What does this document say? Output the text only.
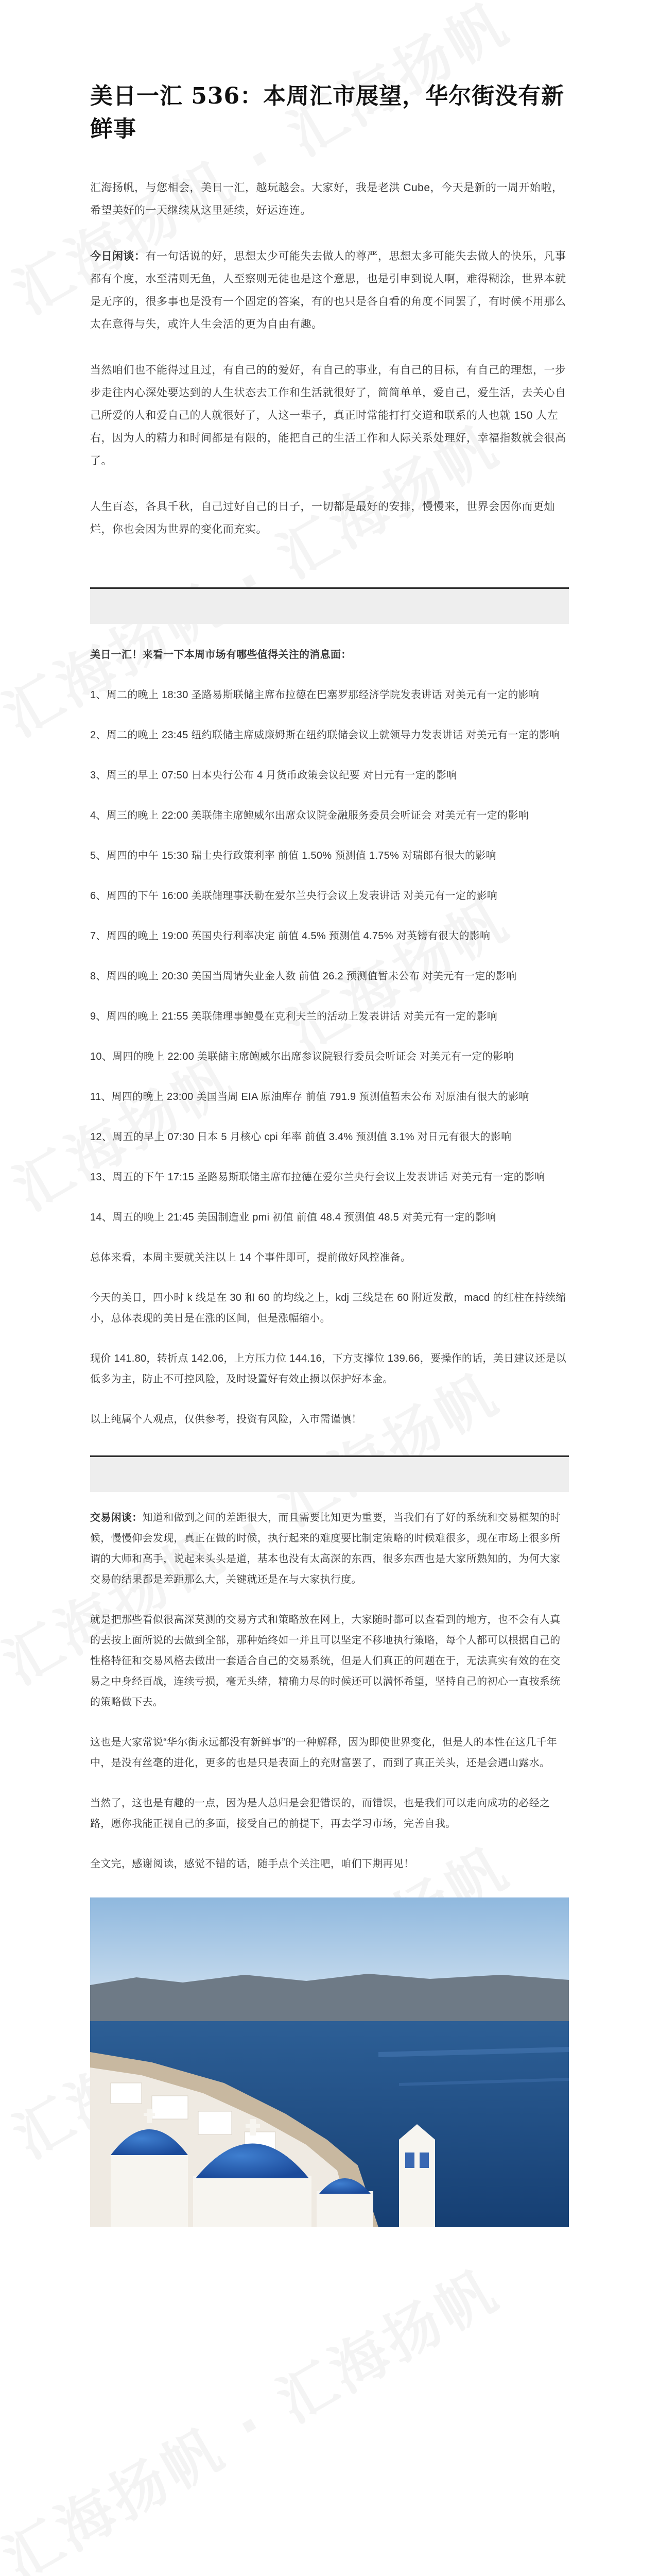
美日一汇 536：本周汇市展望，华尔街没有新鲜事

汇海扬帆，与您相会，美日一汇，越玩越会。大家好，我是老洪 Cube，今天是新的一周开始啦，希望美好的一天继续从这里延续，好运连连。

今日闲谈：有一句话说的好，思想太少可能失去做人的尊严，思想太多可能失去做人的快乐，凡事都有个度，水至清则无鱼，人至察则无徒也是这个意思，也是引申到说人啊，难得糊涂，世界本就是无序的，很多事也是没有一个固定的答案，有的也只是各自看的角度不同罢了，有时候不用那么太在意得与失，或许人生会活的更为自由有趣。

当然咱们也不能得过且过，有自己的的爱好，有自己的事业，有自己的目标，有自己的理想，一步步走往内心深处要达到的人生状态去工作和生活就很好了，简简单单，爱自己，爱生活，去关心自己所爱的人和爱自己的人就很好了，人这一辈子，真正时常能打打交道和联系的人也就 150 人左右，因为人的精力和时间都是有限的，能把自己的生活工作和人际关系处理好，幸福指数就会很高了。

人生百态，各具千秋，自己过好自己的日子，一切都是最好的安排，慢慢来，世界会因你而更灿烂，你也会因为世界的变化而充实。

美日一汇！来看一下本周市场有哪些值得关注的消息面：

1、周二的晚上 18:30 圣路易斯联储主席布拉德在巴塞罗那经济学院发表讲话 对美元有一定的影响

2、周二的晚上 23:45 纽约联储主席威廉姆斯在纽约联储会议上就领导力发表讲话 对美元有一定的影响

3、周三的早上 07:50 日本央行公布 4 月货币政策会议纪要 对日元有一定的影响

4、周三的晚上 22:00 美联储主席鲍威尔出席众议院金融服务委员会听证会 对美元有一定的影响

5、周四的中午 15:30 瑞士央行政策利率 前值 1.50% 预测值 1.75% 对瑞郎有很大的影响

6、周四的下午 16:00 美联储理事沃勒在爱尔兰央行会议上发表讲话 对美元有一定的影响

7、周四的晚上 19:00 英国央行利率决定 前值 4.5% 预测值 4.75% 对英镑有很大的影响

8、周四的晚上 20:30 美国当周请失业金人数 前值 26.2 预测值暂未公布 对美元有一定的影响

9、周四的晚上 21:55 美联储理事鲍曼在克利夫兰的活动上发表讲话 对美元有一定的影响

10、周四的晚上 22:00 美联储主席鲍威尔出席参议院银行委员会听证会 对美元有一定的影响

11、周四的晚上 23:00 美国当周 EIA 原油库存 前值 791.9 预测值暂未公布 对原油有很大的影响

12、周五的早上 07:30 日本 5 月核心 cpi 年率 前值 3.4% 预测值 3.1% 对日元有很大的影响

13、周五的下午 17:15 圣路易斯联储主席布拉德在爱尔兰央行会议上发表讲话 对美元有一定的影响

14、周五的晚上 21:45 美国制造业 pmi 初值 前值 48.4 预测值 48.5 对美元有一定的影响

总体来看，本周主要就关注以上 14 个事件即可，提前做好风控准备。

今天的美日，四小时 k 线是在 30 和 60 的均线之上，kdj 三线是在 60 附近发散，macd 的红柱在持续缩小，总体表现的美日是在涨的区间，但是涨幅缩小。

现价 141.80，转折点 142.06，上方压力位 144.16，下方支撑位 139.66，要操作的话，美日建议还是以低多为主，防止不可控风险，及时设置好有效止损以保护好本金。

以上纯属个人观点，仅供参考，投资有风险，入市需谨慎！

交易闲谈：知道和做到之间的差距很大，而且需要比知更为重要，当我们有了好的系统和交易框架的时候，慢慢仰会发现，真正在做的时候，执行起来的难度要比制定策略的时候难很多，现在市场上很多所谓的大师和高手，说起来头头是道，基本也没有太高深的东西，很多东西也是大家所熟知的，为何大家交易的结果都是差距那么大，关键就还是在与大家执行度。

就是把那些看似很高深莫测的交易方式和策略放在网上，大家随时都可以查看到的地方，也不会有人真的去按上面所说的去做到全部，那种始终如一并且可以坚定不移地执行策略，每个人都可以根据自己的性格特征和交易风格去做出一套适合自己的交易系统，但是人们真正的问题在于，无法真实有效的在交易之中身经百战，连续亏损，毫无头绪，精确力尽的时候还可以满怀希望，坚持自己的初心一直按系统的策略做下去。

这也是大家常说“华尔街永远都没有新鲜事”的一种解释，因为即使世界变化，但是人的本性在这几千年中，是没有丝毫的进化，更多的也是只是表面上的充财富罢了，而到了真正关头，还是会遇山露水。

当然了，这也是有趣的一点，因为是人总归是会犯错误的，而错误，也是我们可以走向成功的必经之路，愿你我能正视自己的多面，接受自己的前提下，再去学习市场，完善自我。

全文完，感谢阅读，感觉不错的话，随手点个关注吧，咱们下期再见！
